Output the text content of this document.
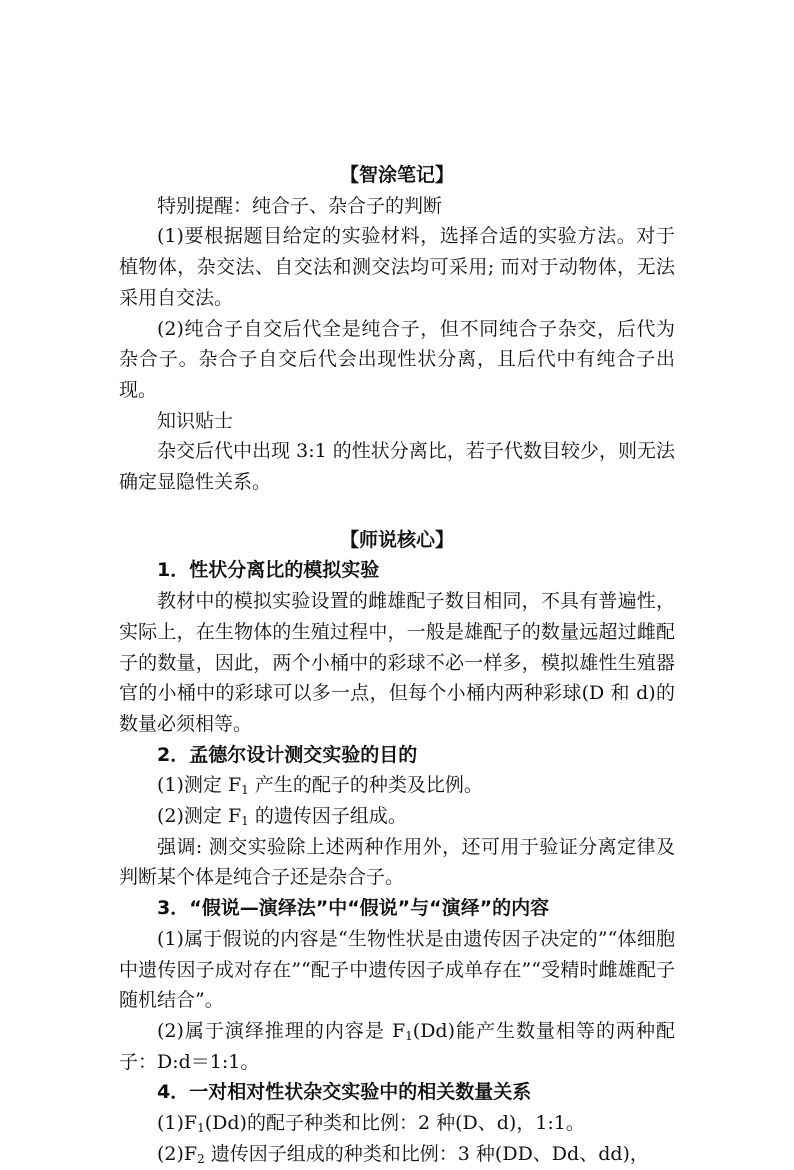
【智涂笔记】

特别提醒：纯合子、杂合子的判断

(1)要根据题目给定的实验材料，选择合适的实验方法。对于植物体，杂交法、自交法和测交法均可采用; 而对于动物体，无法采用自交法。

(2)纯合子自交后代全是纯合子，但不同纯合子杂交，后代为杂合子。杂合子自交后代会出现性状分离，且后代中有纯合子出现。

知识贴士

杂交后代中出现 3:1 的性状分离比，若子代数目较少，则无法确定显隐性关系。

【师说核心】

1．性状分离比的模拟实验

教材中的模拟实验设置的雌雄配子数目相同，不具有普遍性，实际上，在生物体的生殖过程中，一般是雄配子的数量远超过雌配子的数量，因此，两个小桶中的彩球不必一样多，模拟雄性生殖器官的小桶中的彩球可以多一点，但每个小桶内两种彩球(D 和 d)的数量必须相等。

2．孟德尔设计测交实验的目的

(1)测定 $F_1$ 产生的配子的种类及比例。

(2)测定 $F_1$ 的遗传因子组成。

强调: 测交实验除上述两种作用外，还可用于验证分离定律及判断某个体是纯合子还是杂合子。

3．“假说—演绎法”中“假说”与“演绎”的内容

(1)属于假说的内容是“生物性状是由遗传因子决定的”“体细胞中遗传因子成对存在”“配子中遗传因子成单存在”“受精时雌雄配子随机结合”。

(2)属于演绎推理的内容是 $F_1(Dd)$能产生数量相等的两种配子：D:d＝1:1。

4．一对相对性状杂交实验中的相关数量关系

$(1)F_1(Dd)$的配子种类和比例：2 种(D、d)，1:1。

$(2)F_2$ 遗传因子组成的种类和比例：3 种(DD、Dd、dd)，
